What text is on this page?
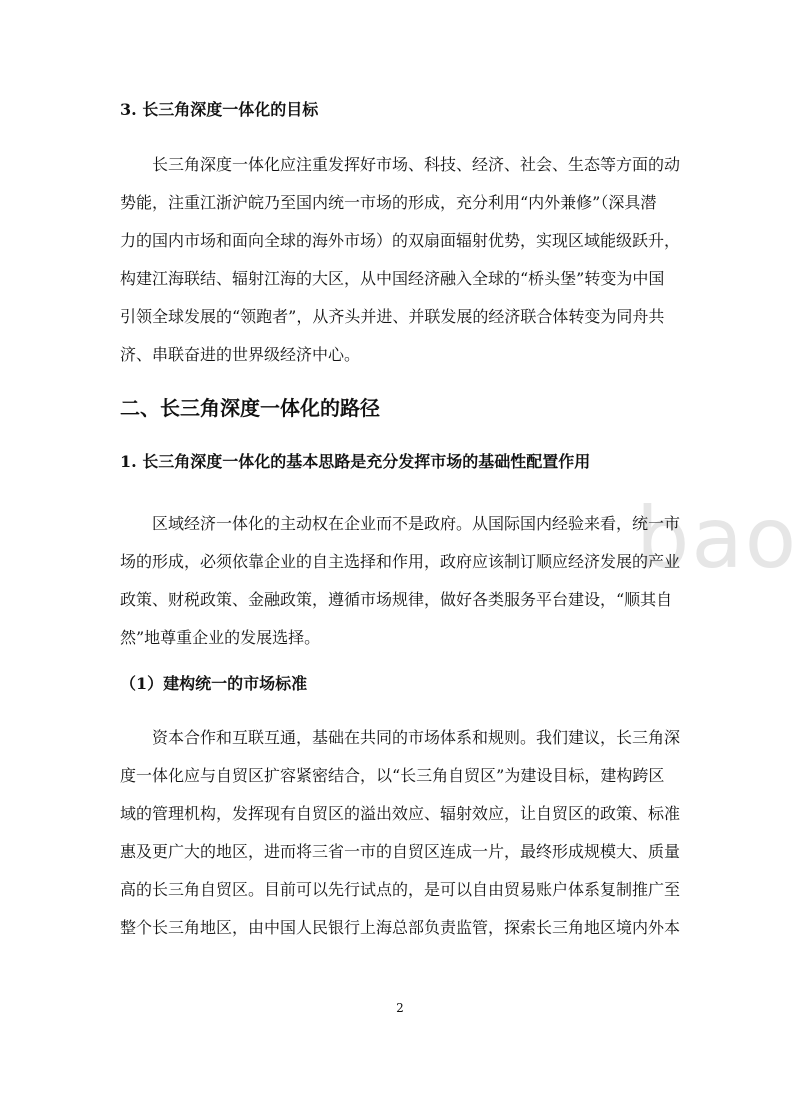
bao
3. 长三角深度一体化的目标

长三角深度一体化应注重发挥好市场、科技、经济、社会、生态等方面的动
势能，注重江浙沪皖乃至国内统一市场的形成，充分利用“内外兼修”（深具潜
力的国内市场和面向全球的海外市场）的双扇面辐射优势，实现区域能级跃升，
构建江海联结、辐射江海的大区，从中国经济融入全球的“桥头堡”转变为中国
引领全球发展的“领跑者”，从齐头并进、并联发展的经济联合体转变为同舟共
济、串联奋进的世界级经济中心。

二、长三角深度一体化的路径
1. 长三角深度一体化的基本思路是充分发挥市场的基础性配置作用

区域经济一体化的主动权在企业而不是政府。从国际国内经验来看，统一市
场的形成，必须依靠企业的自主选择和作用，政府应该制订顺应经济发展的产业
政策、财税政策、金融政策，遵循市场规律，做好各类服务平台建设，“顺其自
然”地尊重企业的发展选择。

（1）建构统一的市场标准

资本合作和互联互通，基础在共同的市场体系和规则。我们建议，长三角深
度一体化应与自贸区扩容紧密结合，以“长三角自贸区”为建设目标，建构跨区
域的管理机构，发挥现有自贸区的溢出效应、辐射效应，让自贸区的政策、标准
惠及更广大的地区，进而将三省一市的自贸区连成一片，最终形成规模大、质量
高的长三角自贸区。目前可以先行试点的，是可以自由贸易账户体系复制推广至
整个长三角地区，由中国人民银行上海总部负责监管，探索长三角地区境内外本

2
